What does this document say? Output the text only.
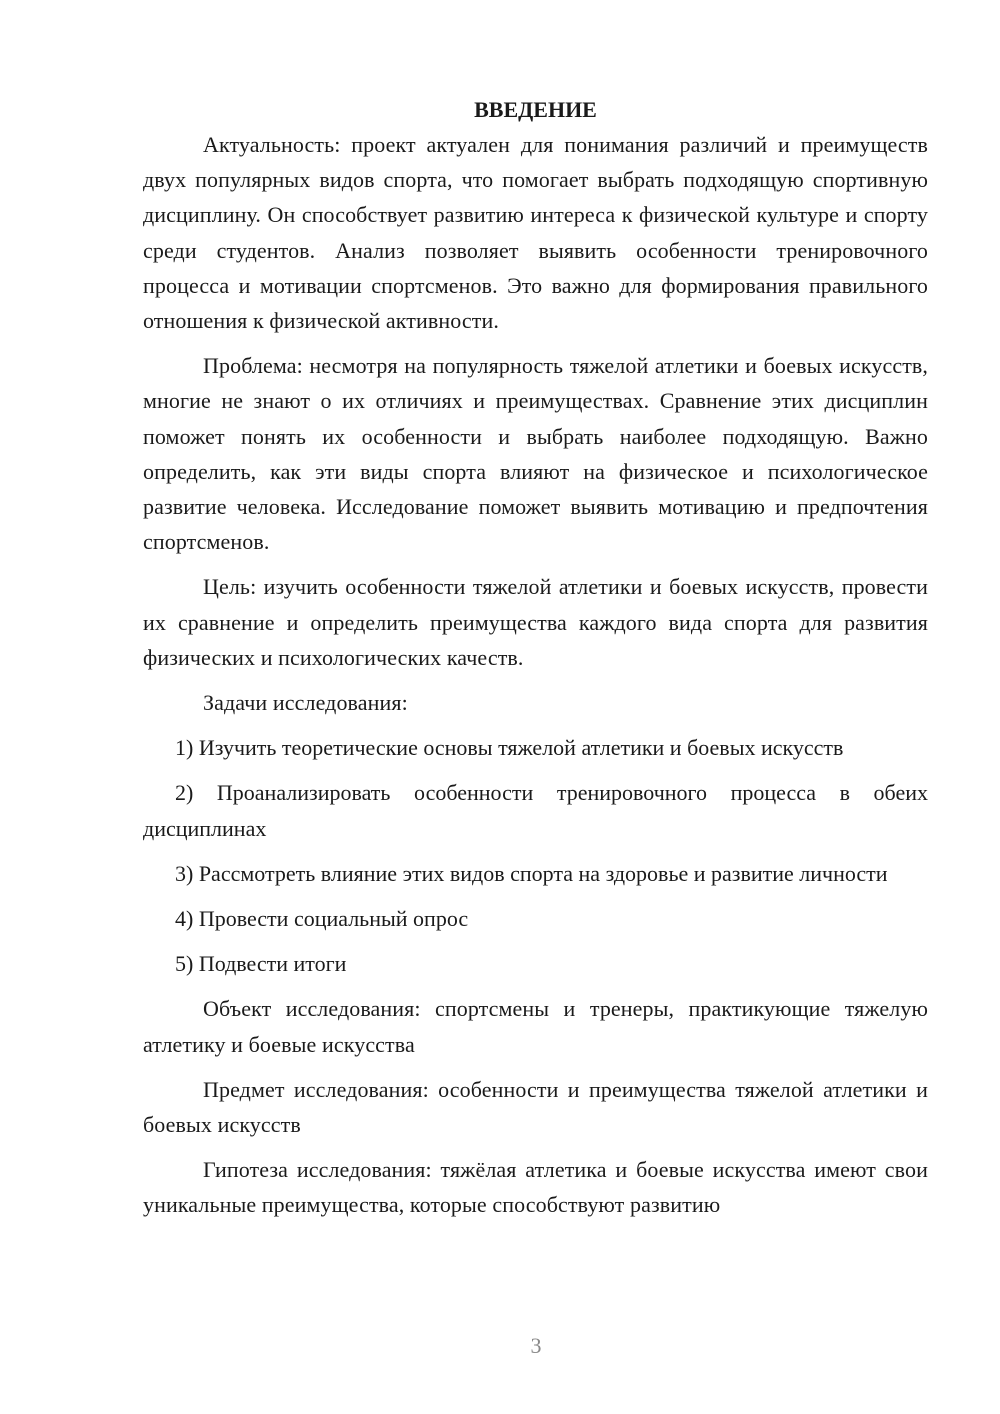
ВВЕДЕНИЕ

Актуальность: проект актуален для понимания различий и преимуществ двух популярных видов спорта, что помогает выбрать подходящую спортивную дисциплину. Он способствует развитию интереса к физической культуре и спорту среди студентов. Анализ позволяет выявить особенности тренировочного процесса и мотивации спортсменов. Это важно для формирования правильного отношения к физической активности.

Проблема: несмотря на популярность тяжелой атлетики и боевых искусств, многие не знают о их отличиях и преимуществах. Сравнение этих дисциплин поможет понять их особенности и выбрать наиболее подходящую. Важно определить, как эти виды спорта влияют на физическое и психологическое развитие человека. Исследование поможет выявить мотивацию и предпочтения спортсменов.

Цель: изучить особенности тяжелой атлетики и боевых искусств, провести их сравнение и определить преимущества каждого вида спорта для развития физических и психологических качеств.

Задачи исследования:

1) Изучить теоретические основы тяжелой атлетики и боевых искусств

2) Проанализировать особенности тренировочного процесса в обеих дисциплинах

3) Рассмотреть влияние этих видов спорта на здоровье и развитие личности

4) Провести социальный опрос

5) Подвести итоги

Объект исследования: спортсмены и тренеры, практикующие тяжелую атлетику и боевые искусства

Предмет исследования: особенности и преимущества тяжелой атлетики и боевых искусств

Гипотеза исследования: тяжёлая атлетика и боевые искусства имеют свои уникальные преимущества, которые способствуют развитию

3
